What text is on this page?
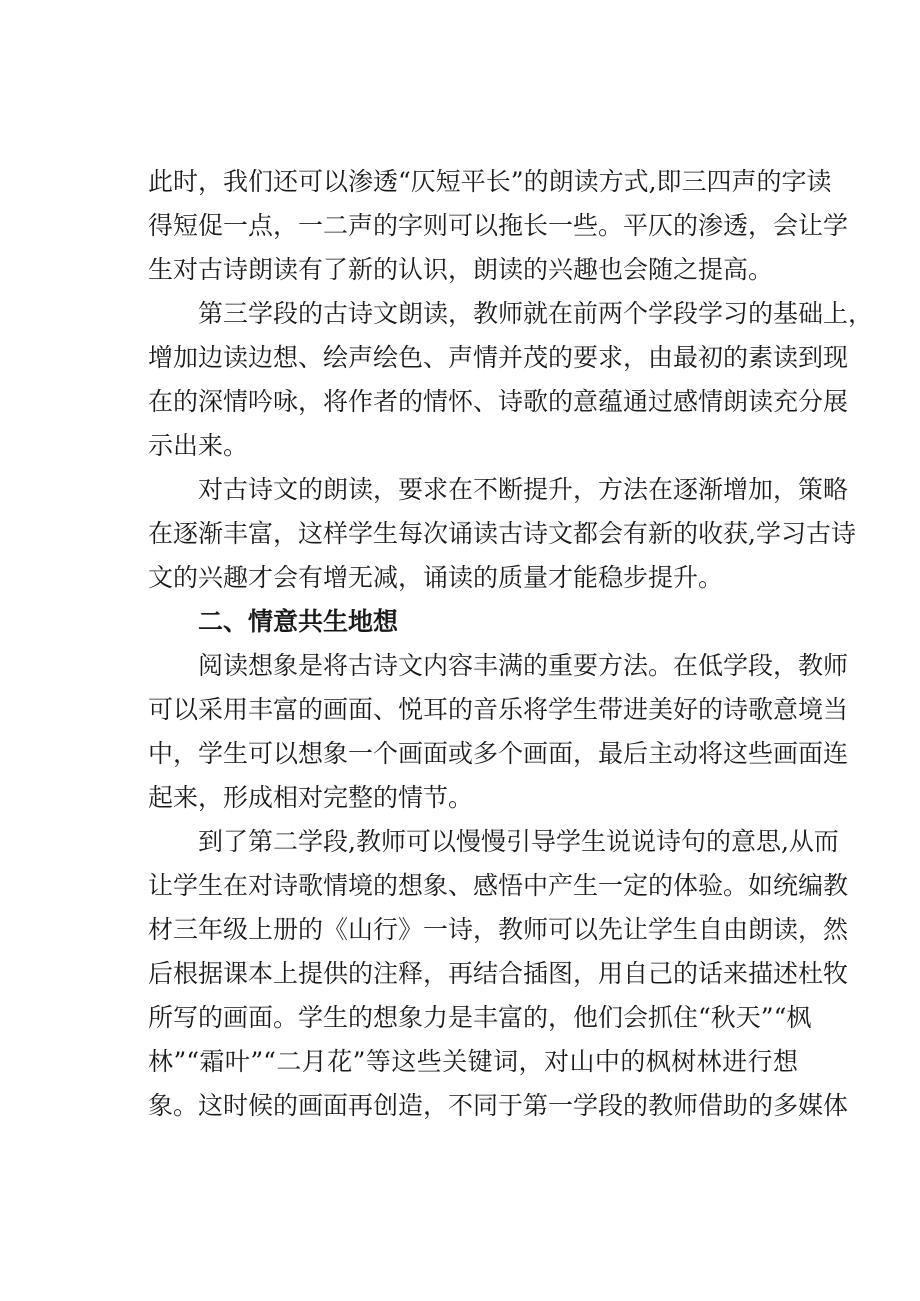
此时，我们还可以渗透“仄短平长”的朗读方式,即三四声的字读
得短促一点，一二声的字则可以拖长一些。平仄的渗透，会让学
生对古诗朗读有了新的认识，朗读的兴趣也会随之提高。
第三学段的古诗文朗读，教师就在前两个学段学习的基础上，
增加边读边想、绘声绘色、声情并茂的要求，由最初的素读到现
在的深情吟咏，将作者的情怀、诗歌的意蕴通过感情朗读充分展
示出来。
对古诗文的朗读，要求在不断提升，方法在逐渐增加，策略
在逐渐丰富，这样学生每次诵读古诗文都会有新的收获,学习古诗
文的兴趣才会有增无减，诵读的质量才能稳步提升。
二、情意共生地想
阅读想象是将古诗文内容丰满的重要方法。在低学段，教师
可以采用丰富的画面、悦耳的音乐将学生带进美好的诗歌意境当
中，学生可以想象一个画面或多个画面，最后主动将这些画面连
起来，形成相对完整的情节。
到了第二学段,教师可以慢慢引导学生说说诗句的意思,从而
让学生在对诗歌情境的想象、感悟中产生一定的体验。如统编教
材三年级上册的《山行》一诗，教师可以先让学生自由朗读，然
后根据课本上提供的注释，再结合插图，用自己的话来描述杜牧
所写的画面。学生的想象力是丰富的，他们会抓住“秋天”“枫
林”“霜叶”“二月花”等这些关键词，对山中的枫树林进行想
象。这时候的画面再创造，不同于第一学段的教师借助的多媒体
